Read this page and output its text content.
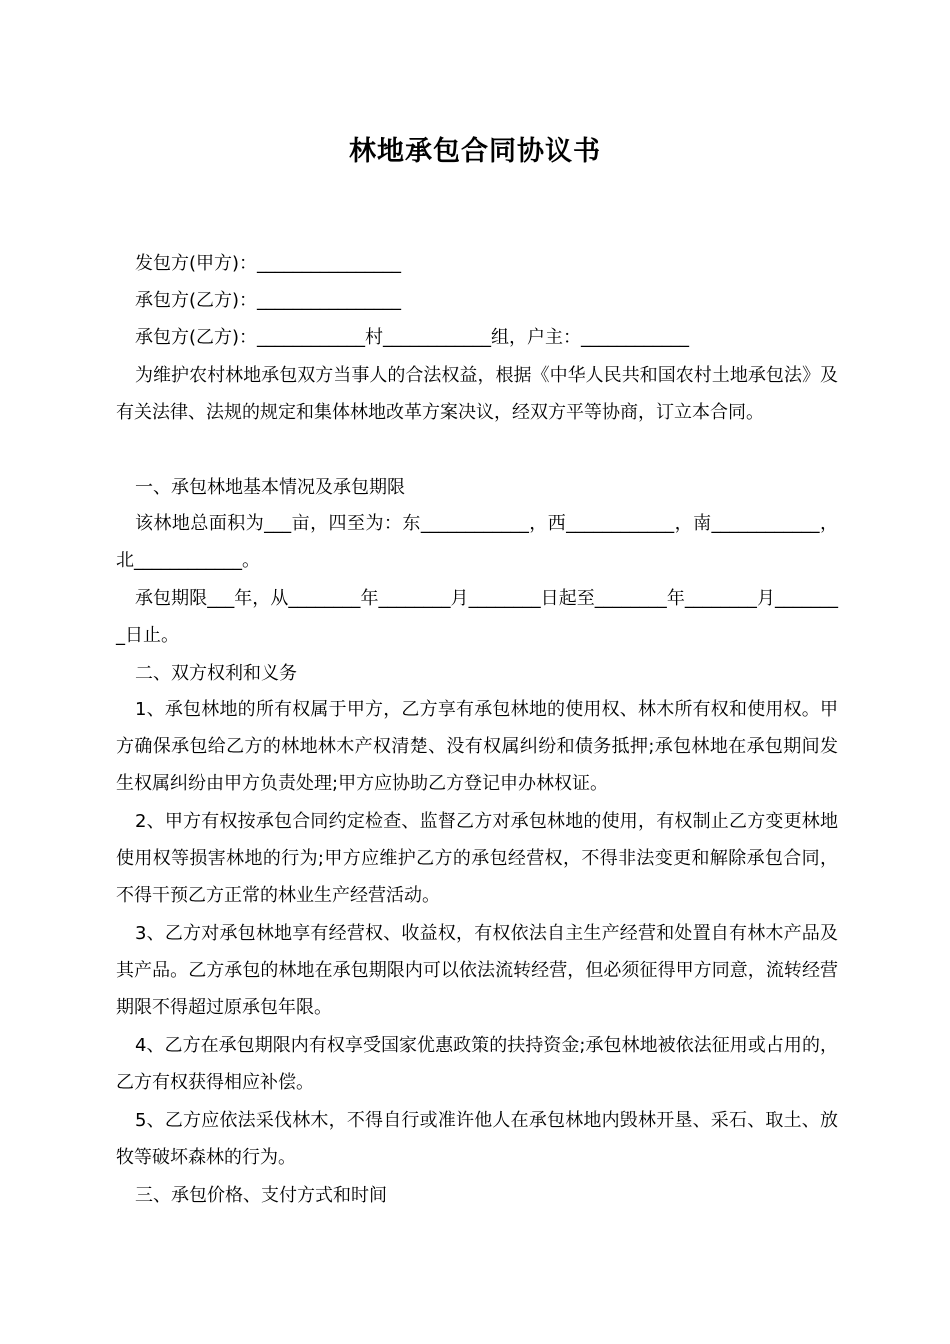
林地承包合同协议书
发包方(甲方)：________________
承包方(乙方)：________________
承包方(乙方)：____________村____________组，户主：____________
为维护农村林地承包双方当事人的合法权益，根据《中华人民共和国农村土地承包法》及有关法律、法规的规定和集体林地改革方案决议，经双方平等协商，订立本合同。
一、承包林地基本情况及承包期限
该林地总面积为___亩，四至为：东____________，西____________，南____________，北____________。
承包期限___年，从________年________月________日起至________年________月________日止。
二、双方权利和义务
1、承包林地的所有权属于甲方，乙方享有承包林地的使用权、林木所有权和使用权。甲方确保承包给乙方的林地林木产权清楚、没有权属纠纷和债务抵押;承包林地在承包期间发生权属纠纷由甲方负责处理;甲方应协助乙方登记申办林权证。
2、甲方有权按承包合同约定检查、监督乙方对承包林地的使用，有权制止乙方变更林地使用权等损害林地的行为;甲方应维护乙方的承包经营权，不得非法变更和解除承包合同，不得干预乙方正常的林业生产经营活动。
3、乙方对承包林地享有经营权、收益权，有权依法自主生产经营和处置自有林木产品及其产品。乙方承包的林地在承包期限内可以依法流转经营，但必须征得甲方同意，流转经营期限不得超过原承包年限。
4、乙方在承包期限内有权享受国家优惠政策的扶持资金;承包林地被依法征用或占用的，乙方有权获得相应补偿。
5、乙方应依法采伐林木，不得自行或准许他人在承包林地内毁林开垦、采石、取土、放牧等破坏森林的行为。
三、承包价格、支付方式和时间
